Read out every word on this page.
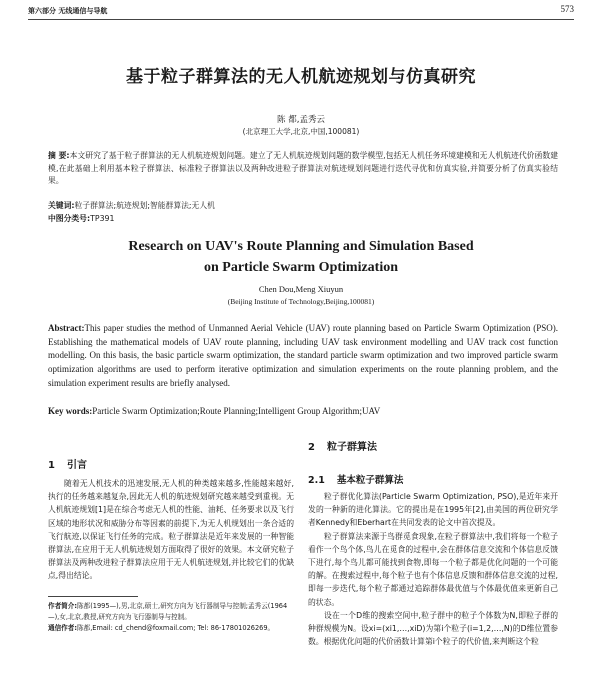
第六部分 无线通信与导航	573
基于粒子群算法的无人机航迹规划与仿真研究
陈 都,孟秀云
(北京理工大学,北京,中国,100081)
摘 要:本文研究了基于粒子群算法的无人机航迹规划问题。建立了无人机航迹规划问题的数学模型,包括无人机任务环境建模和无人机航迹代价函数建模,在此基础上利用基本粒子群算法、标准粒子群算法以及两种改进粒子群算法对航迹规划问题进行迭代寻优和仿真实验,并简要分析了仿真实验结果。
关键词:粒子群算法;航迹规划;智能群算法;无人机
中图分类号:TP391
Research on UAV's Route Planning and Simulation Based
on Particle Swarm Optimization
Chen Dou,Meng Xiuyun
(Beijing Institute of Technology,Beijing,100081)
Abstract:This paper studies the method of Unmanned Aerial Vehicle (UAV) route planning based on Particle Swarm Optimization (PSO). Establishing the mathematical models of UAV route planning, including UAV task environment modelling and UAV track cost function modelling. On this basis, the basic particle swarm optimization, the standard particle swarm optimization and two improved particle swarm optimization algorithms are used to perform iterative optimization and simulation experiments on the route planning problem, and the simulation experiment results are briefly analysed.
Key words:Particle Swarm Optimization;Route Planning;Intelligent Group Algorithm;UAV
1 引言

随着无人机技术的迅速发展,无人机的种类越来越多,性能越来越好,执行的任务越来越复杂,因此无人机的航迹规划研究越来越受到重视。无人机航迹规划[1]是在综合考虑无人机的性能、油耗、任务要求以及飞行区域的地形状况和威胁分布等因素的前提下,为无人机规划出一条合适的飞行航迹,以保证飞行任务的完成。粒子群算法是近年来发展的一种智能群算法,在应用于无人机航迹规划方面取得了很好的效果。本文研究粒子群算法及两种改进粒子群算法应用于无人机航迹规划,并比较它们的优缺点,得出结论。

作者简介:陈都(1995—),男,北京,硕士,研究方向为飞行器制导与控制;孟秀云(1964—),女,北京,教授,研究方向为飞行器制导与控制。
通信作者:陈都,Email: cd_chend@foxmail.com; Tel: 86-17801026269。
2 粒子群算法
2.1 基本粒子群算法

粒子群优化算法(Particle Swarm Optimization, PSO),是近年来开发的一种新的进化算法。它的提出是在1995年[2],由美国的两位研究学者Kennedy和Eberhart在共同发表的论文中首次提及。

粒子群算法来源于鸟群觅食现象,在粒子群算法中,我们将每一个粒子看作一个鸟个体,鸟儿在觅食的过程中,会在群体信息交流和个体信息反馈下进行,每个鸟儿都可能找到食物,即每一个粒子都是优化问题的一个可能的解。在搜索过程中,每个粒子也有个体信息反馈和群体信息交流的过程,即每一步迭代,每个粒子都通过追踪群体最优值与个体最优值来更新自己的状态。

设在一个D维的搜索空间中,粒子群中的粒子个体数为N,即粒子群的种群规模为N。设xi=(xi1,…,xiD)为第i个粒子(i=1,2,…,N)的D维位置参数。根据优化问题的代价函数计算第i个粒子的代价值,来判断这个粒
